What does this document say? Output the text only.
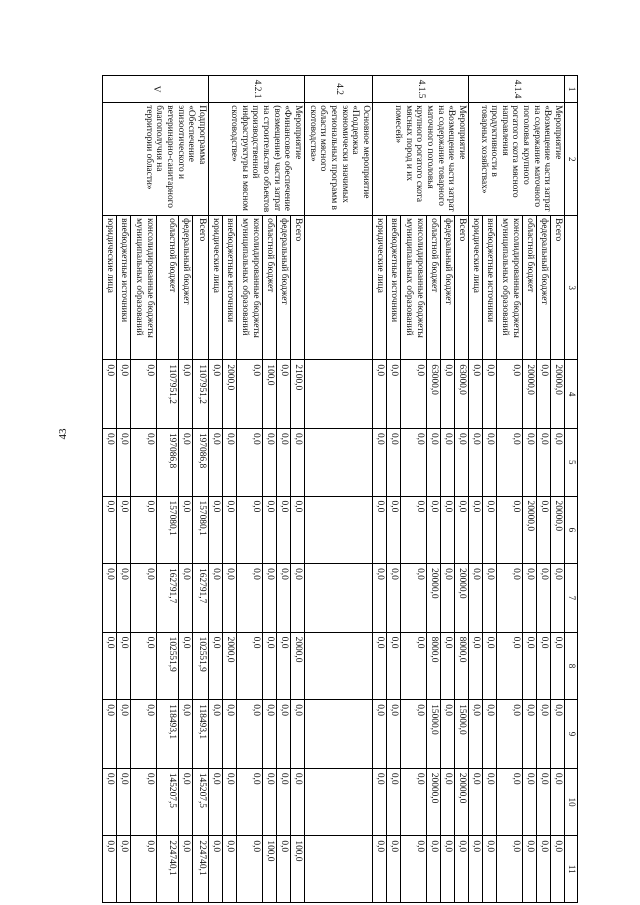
43
1	2	3	4	5	6	7	8	9	10	11
4.1.4	Мероприятие «Возмещение части затрат на содержание маточного поголовья крупного рогатого скота мясного направления продуктивности в товарных хозяйствах»	Всего	20000,0	0,0	20000,0	0,0	0,0	0,0	0,0	0,0
		федеральный бюджет	0,0	0,0	0,0	0,0	0,0	0,0	0,0	0,0
		областной бюджет	20000,0	0,0	20000,0	0,0	0,0	0,0	0,0	0,0
		консолидированные бюджеты муниципальных образований	0,0	0,0	0,0	0,0	0,0	0,0	0,0	0,0
		внебюджетные источники	0,0	0,0	0,0	0,0	0,0	0,0	0,0	0,0
		юридические лица	0,0	0,0	0,0	0,0	0,0	0,0	0,0	0,0
4.1.5	Мероприятие «Возмещение части затрат на содержание товарного маточного поголовья крупного рогатого скота мясных пород и их помесей»	Всего	63000,0	0,0	0,0	20000,0	8000,0	15000,0	20000,0	0,0
		федеральный бюджет	0,0	0,0	0,0	0,0	0,0	0,0	0,0	0,0
		областной бюджет	63000,0	0,0	0,0	20000,0	8000,0	15000,0	20000,0	0,0
		консолидированные бюджеты муниципальных образований	0,0	0,0	0,0	0,0	0,0	0,0	0,0	0,0
		внебюджетные источники	0,0	0,0	0,0	0,0	0,0	0,0	0,0	0,0
		юридические лица	0,0	0,0	0,0	0,0	0,0	0,0	0,0	0,0
4.2	Основное мероприятие «Поддержка экономически значимых региональных программ в области мясного скотоводства»									
4.2.1	Мероприятие «Финансовое обеспечение (возмещение) части затрат на строительство объектов производственной инфраструктуры в мясном скотоводстве»	Всего	2100,0	0,0	0,0	0,0	2000,0	0,0	0,0	100,0
		федеральный бюджет	0,0	0,0	0,0	0,0	0,0	0,0	0,0	0,0
		областной бюджет	100,0	0,0	0,0	0,0	0,0	0,0	0,0	100,0
		консолидированные бюджеты муниципальных образований	0,0	0,0	0,0	0,0	0,0	0,0	0,0	0,0
		внебюджетные источники	2000,0	0,0	0,0	0,0	2000,0	0,0	0,0	0,0
		юридические лица	0,0	0,0	0,0	0,0	0,0	0,0	0,0	0,0
V	Подпрограмма «Обеспечение эпизоотического и ветеринарно-санитарного благополучия на территории области»	Всего	1107951,2	197086,8	157080,1	162791,7	102551,9	118493,1	145207,5	224740,1
		федеральный бюджет	0,0	0,0	0,0	0,0	0,0	0,0	0,0	0,0
		областной бюджет	1107951,2	197086,8	157080,1	162791,7	102551,9	118493,1	145207,5	224740,1
		консолидированные бюджеты муниципальных образований	0,0	0,0	0,0	0,0	0,0	0,0	0,0	0,0
		внебюджетные источники	0,0	0,0	0,0	0,0	0,0	0,0	0,0	0,0
		юридические лица	0,0	0,0	0,0	0,0	0,0	0,0	0,0	0,0
